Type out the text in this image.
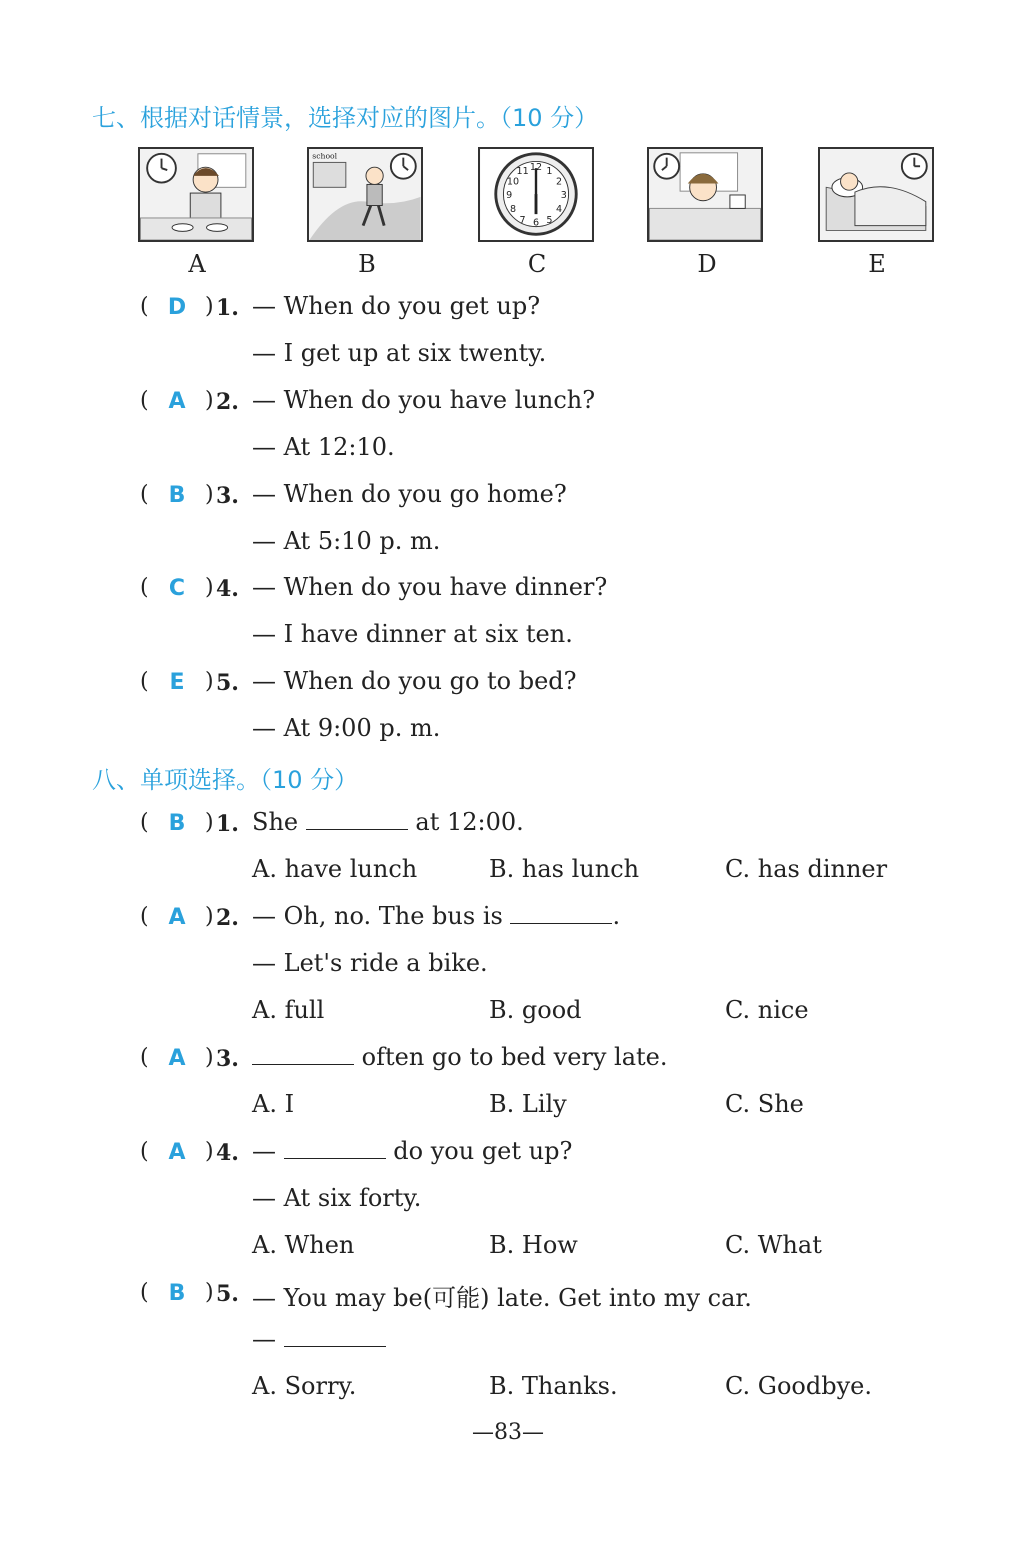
七、根据对话情景，选择对应的图片。（10 分）
school
12
3
6
9
1
2
4
5
7
8
10
11
A	B	C	D	E
( D ) 1. — When do you get up?
— I get up at six twenty.
( A ) 2. — When do you have lunch?
— At 12:10.
( B ) 3. — When do you go home?
— At 5:10 p. m.
( C ) 4. — When do you have dinner?
— I have dinner at six ten.
( E ) 5. — When do you go to bed?
— At 9:00 p. m.
八、单项选择。（10 分）
( B ) 1. She	at 12:00.
A. have lunch	B. has lunch	C. has dinner
( A ) 2. — Oh, no. The bus is	.
— Let's ride a bike.
A. full	B. good	C. nice
( A ) 3.	often go to bed very late.
A. I	B. Lily	C. She
( A ) 4. —	do you get up?
— At six forty.
A. When	B. How	C. What
( B ) 5. — You may be(可能) late. Get into my car.
—
A. Sorry.	B. Thanks.	C. Goodbye.
—83—
